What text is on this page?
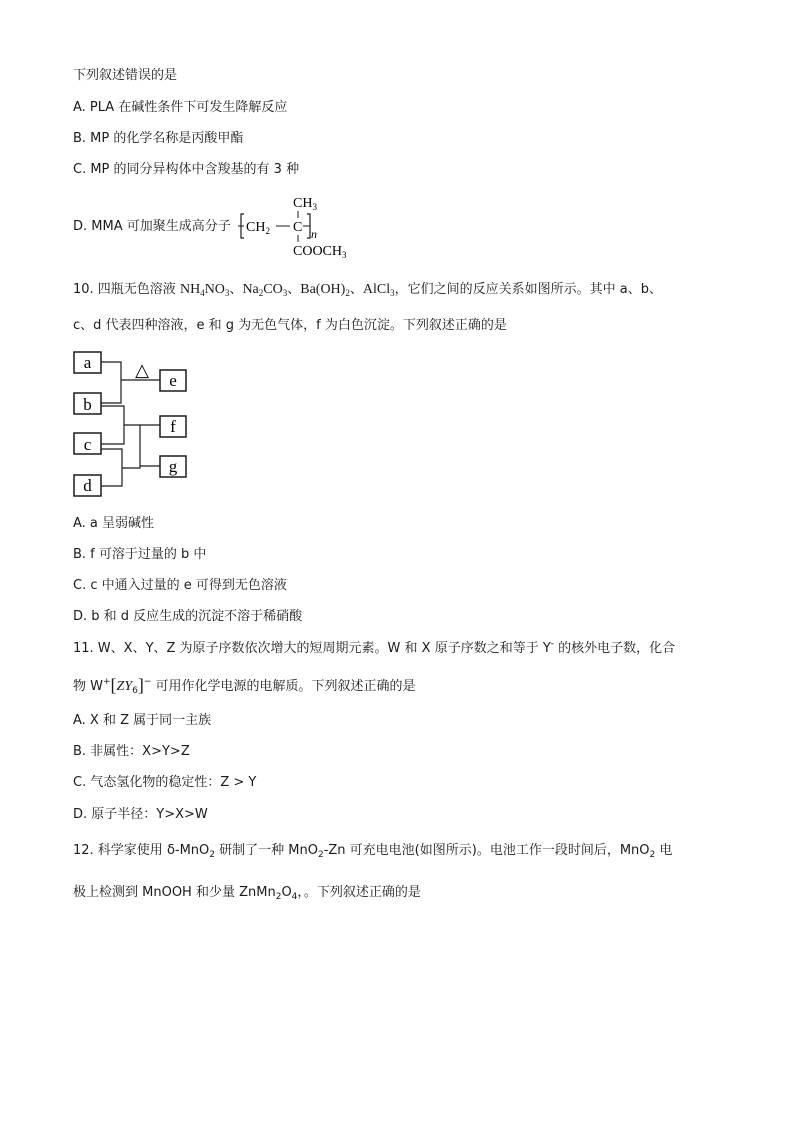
下列叙述错误的是
A. PLA 在碱性条件下可发生降解反应
B. MP 的化学名称是丙酸甲酯
C. MP 的同分异构体中含羧基的有 3 种
D. MMA 可加聚生成高分子
$CH_3$
$CH_2$ C n
$COOCH_3$
10. 四瓶无色溶液 $NH_4NO_3$、$Na_2CO_3$、$Ba(OH)_2$、AlCl$_3$，它们之间的反应关系如图所示。其中 a、b、
c、d 代表四种溶液，e 和 g 为无色气体，f 为白色沉淀。下列叙述正确的是
a
b
c
d
e
f
g
△
A. a 呈弱碱性
B. f 可溶于过量的 b 中
C. c 中通入过量的 e 可得到无色溶液
D. b 和 d 反应生成的沉淀不溶于稀硝酸
11. W、X、Y、Z 为原子序数依次增大的短周期元素。W 和 X 原子序数之和等于 Y- 的核外电子数，化合
物 $W^+[ZY_6]^-$ 可用作化学电源的电解质。下列叙述正确的是
A. X 和 Z 属于同一主族
B. 非属性：X>Y>Z
C. 气态氢化物的稳定性：Z > Y
D. 原子半径：Y>X>W
12. 科学家使用 δ-MnO$_2$ 研制了一种 MnO$_2$-Zn 可充电电池(如图所示)。电池工作一段时间后，MnO$_2$ 电
极上检测到 MnOOH 和少量 $ZnMn_2O_4$，。下列叙述正确的是
